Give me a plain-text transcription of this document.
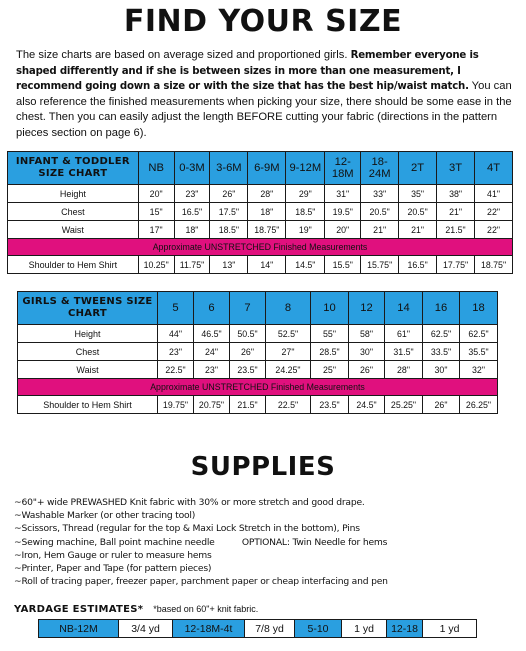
FIND YOUR SIZE
The size charts are based on average sized and proportioned girls. Remember everyone is shaped differently and if she is between sizes in more than one measurement, I recommend going down a size or with the size that has the best hip/waist match. You can also reference the finished measurements when picking your size, there should be some ease in the chest. Then you can easily adjust the length BEFORE cutting your fabric (directions in the pattern pieces section on page 6).
INFANT & TODDLER SIZE CHART	NB	0-3M	3-6M	6-9M	9-12M	12-18M	18-24M	2T	3T	4T
Height	20"	23"	26"	28"	29"	31"	33"	35"	38"	41"
Chest	15"	16.5"	17.5"	18"	18.5"	19.5"	20.5"	20.5"	21"	22"
Waist	17"	18"	18.5"	18.75"	19"	20"	21"	21"	21.5"	22"
Approximate UNSTRETCHED Finished Measurements										
Shoulder to Hem Shirt	10.25"	11.75"	13"	14"	14.5"	15.5"	15.75"	16.5"	17.75"	18.75"
GIRLS & TWEENS SIZE CHART	5	6	7	8	10	12	14	16	18
Height	44"	46.5"	50.5"	52.5"	55"	58"	61"	62.5"	62.5"
Chest	23"	24"	26"	27"	28.5"	30"	31.5"	33.5"	35.5"
Waist	22.5"	23"	23.5"	24.25"	25"	26"	28"	30"	32"
Approximate UNSTRETCHED Finished Measurements									
Shoulder to Hem Shirt	19.75"	20.75"	21.5"	22.5"	23.5"	24.5"	25.25"	26"	26.25"
SUPPLIES
~60"+ wide PREWASHED Knit fabric with 30% or more stretch and good drape.
~Washable Marker (or other tracing tool)
~Scissors, Thread (regular for the top & Maxi Lock Stretch in the bottom), Pins
~Sewing machine, Ball point machine needle          OPTIONAL: Twin Needle for hems
~Iron, Hem Gauge or ruler to measure hems
~Printer, Paper and Tape (for pattern pieces)
~Roll of tracing paper, freezer paper, parchment paper or cheap interfacing and pen
YARDAGE ESTIMATES* *based on 60"+ knit fabric.
NB-12M	3/4 yd	12-18M-4t	7/8 yd	5-10	1 yd	12-18	1 yd
